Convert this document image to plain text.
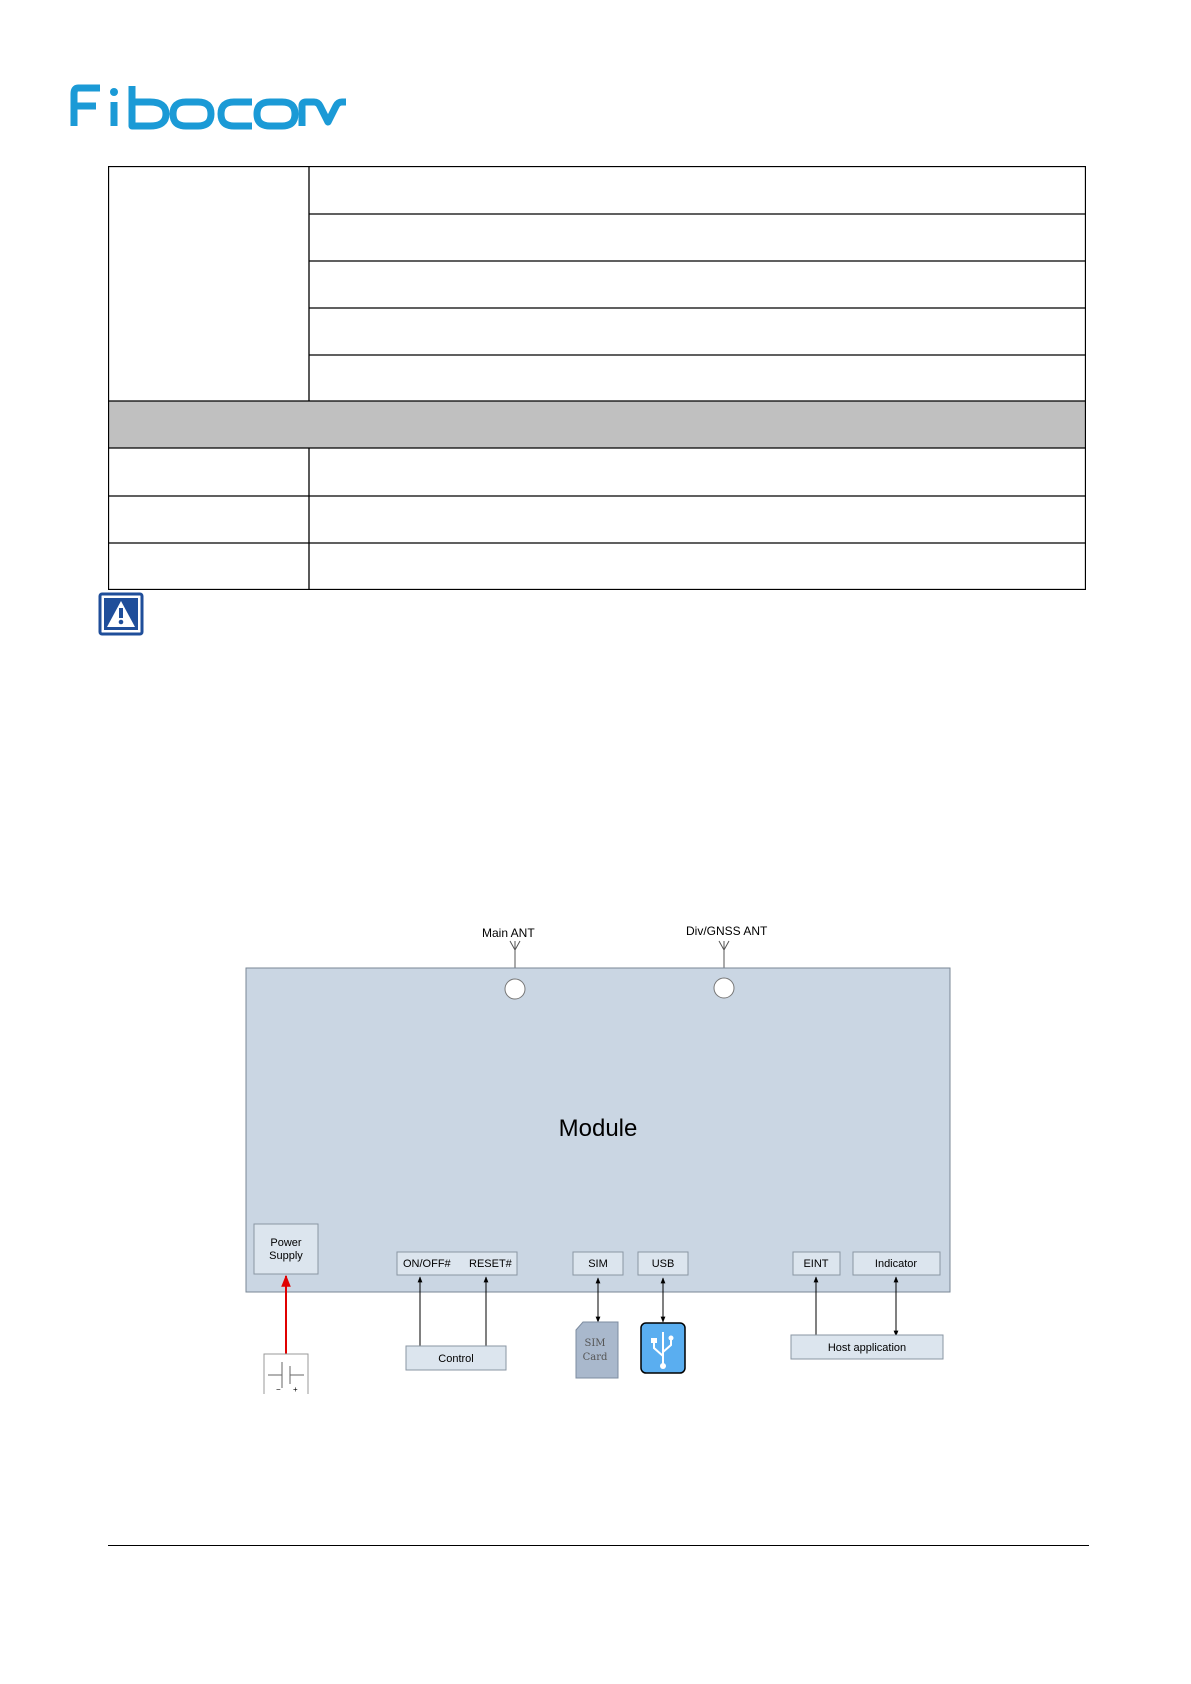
Main ANT	Div/GNSS ANT
Module
Power
Supply
ON/OFF# RESET#	SIM	USB	EINT	Indicator
− +
Control
SIM
Card
Host application
